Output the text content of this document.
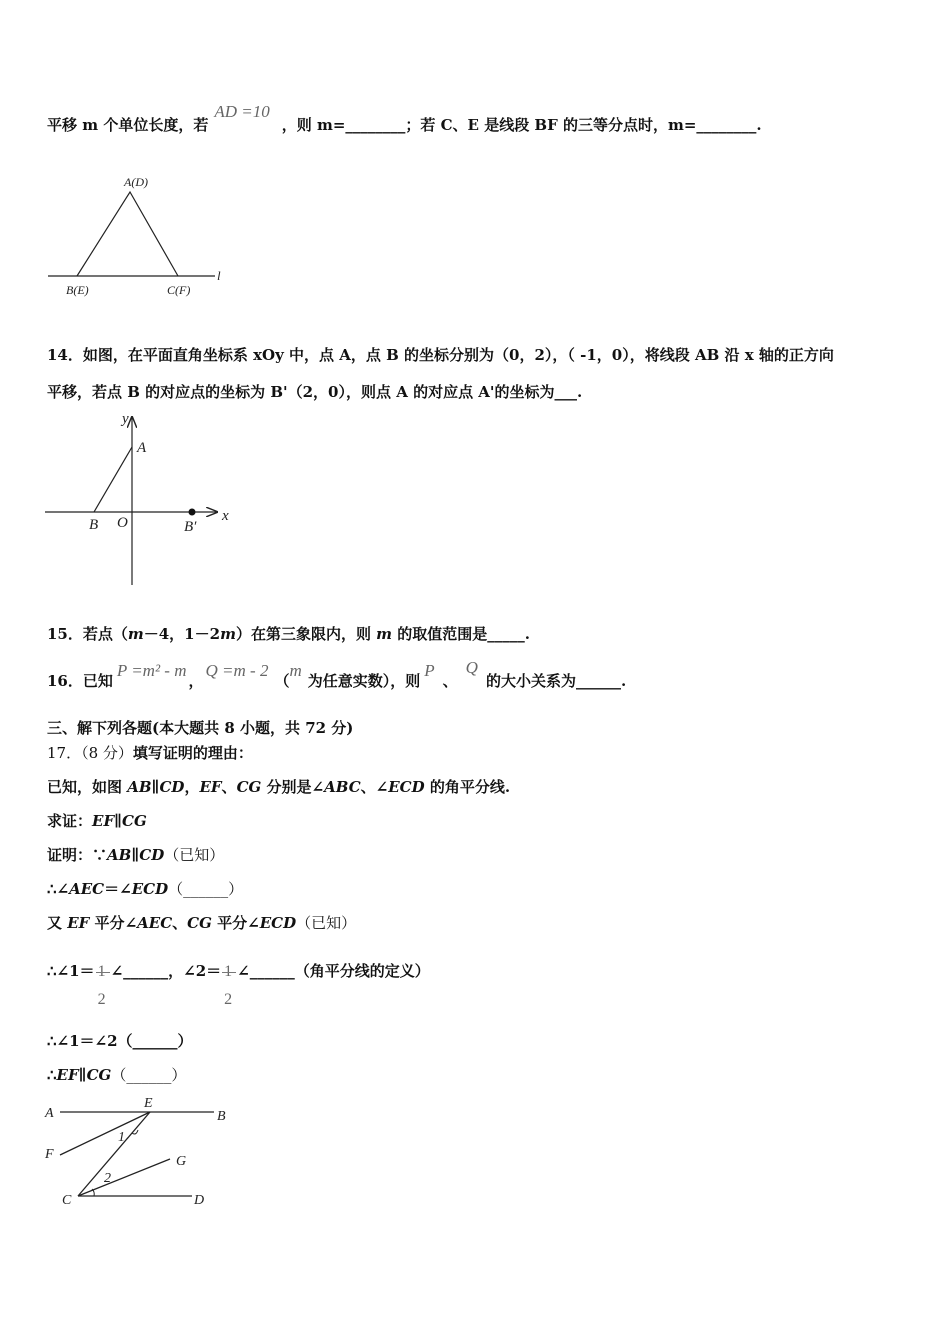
平移 m 个单位长度，若AD =10，则 m=________；若 C、E 是线段 BF 的三等分点时，m=________.
A(D)
B(E)	C(F)
l
14．如图，在平面直角坐标系 xOy 中，点 A，点 B 的坐标分别为（0，2），（ -1，0），将线段 AB 沿 x 轴的正方向
平移，若点 B 的对应点的坐标为 B'（2，0），则点 A 的对应点 A'的坐标为___.
y
x
A
B O	B′
15．若点（m－4，1－2m）在第三象限内，则 m 的取值范围是_____.
16．已知P =m² - m，Q =m - 2（m为任意实数），则P、Q的大小关系为______.
三、解下列各题(本大题共 8 小题，共 72 分)
17．（8 分）填写证明的理由：
已知，如图 AB∥CD，EF、CG 分别是∠ABC、∠ECD 的角平分线.
求证：EF∥CG
证明：∵AB∥CD（已知）
∴∠AEC＝∠ECD（______）
又 EF 平分∠AEC、CG 平分∠ECD（已知）
∴∠1＝
2
∠______，∠2＝
2
∠______（角平分线的定义）
∴∠1＝∠2（______）
∴EF∥CG（______）
A
E
B
F
1
G
2
C	D
